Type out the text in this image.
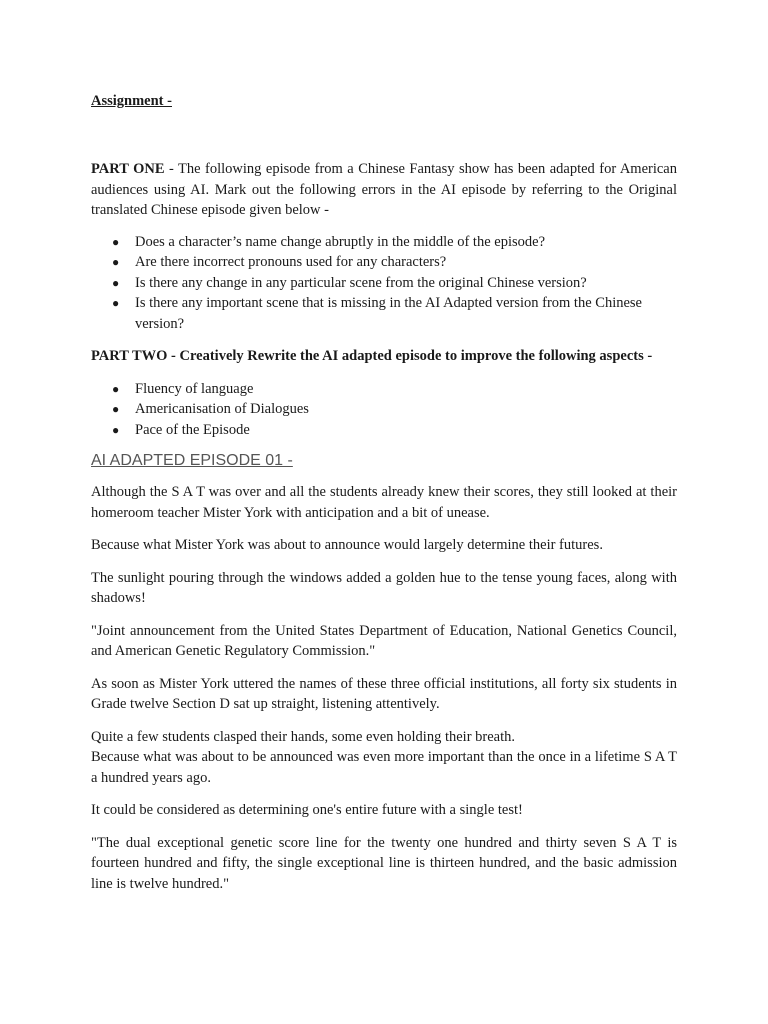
Assignment -

PART ONE - The following episode from a Chinese Fantasy show has been adapted for American audiences using AI. Mark out the following errors in the AI episode by referring to the Original translated Chinese episode given below -

● Does a character’s name change abruptly in the middle of the episode?
● Are there incorrect pronouns used for any characters?
● Is there any change in any particular scene from the original Chinese version?
● Is there any important scene that is missing in the AI Adapted version from the Chinese version?

PART TWO - Creatively Rewrite the AI adapted episode to improve the following aspects -

● Fluency of language
● Americanisation of Dialogues
● Pace of the Episode

AI ADAPTED EPISODE 01 -

Although the S A T was over and all the students already knew their scores, they still looked at their homeroom teacher Mister York with anticipation and a bit of unease.

Because what Mister York was about to announce would largely determine their futures.

The sunlight pouring through the windows added a golden hue to the tense young faces, along with shadows!

"Joint announcement from the United States Department of Education, National Genetics Council, and American Genetic Regulatory Commission."

As soon as Mister York uttered the names of these three official institutions, all forty six students in Grade twelve Section D sat up straight, listening attentively.

Quite a few students clasped their hands, some even holding their breath.

Because what was about to be announced was even more important than the once in a lifetime S A T a hundred years ago.

It could be considered as determining one's entire future with a single test!

"The dual exceptional genetic score line for the twenty one hundred and thirty seven S A T is fourteen hundred and fifty, the single exceptional line is thirteen hundred, and the basic admission line is twelve hundred."
